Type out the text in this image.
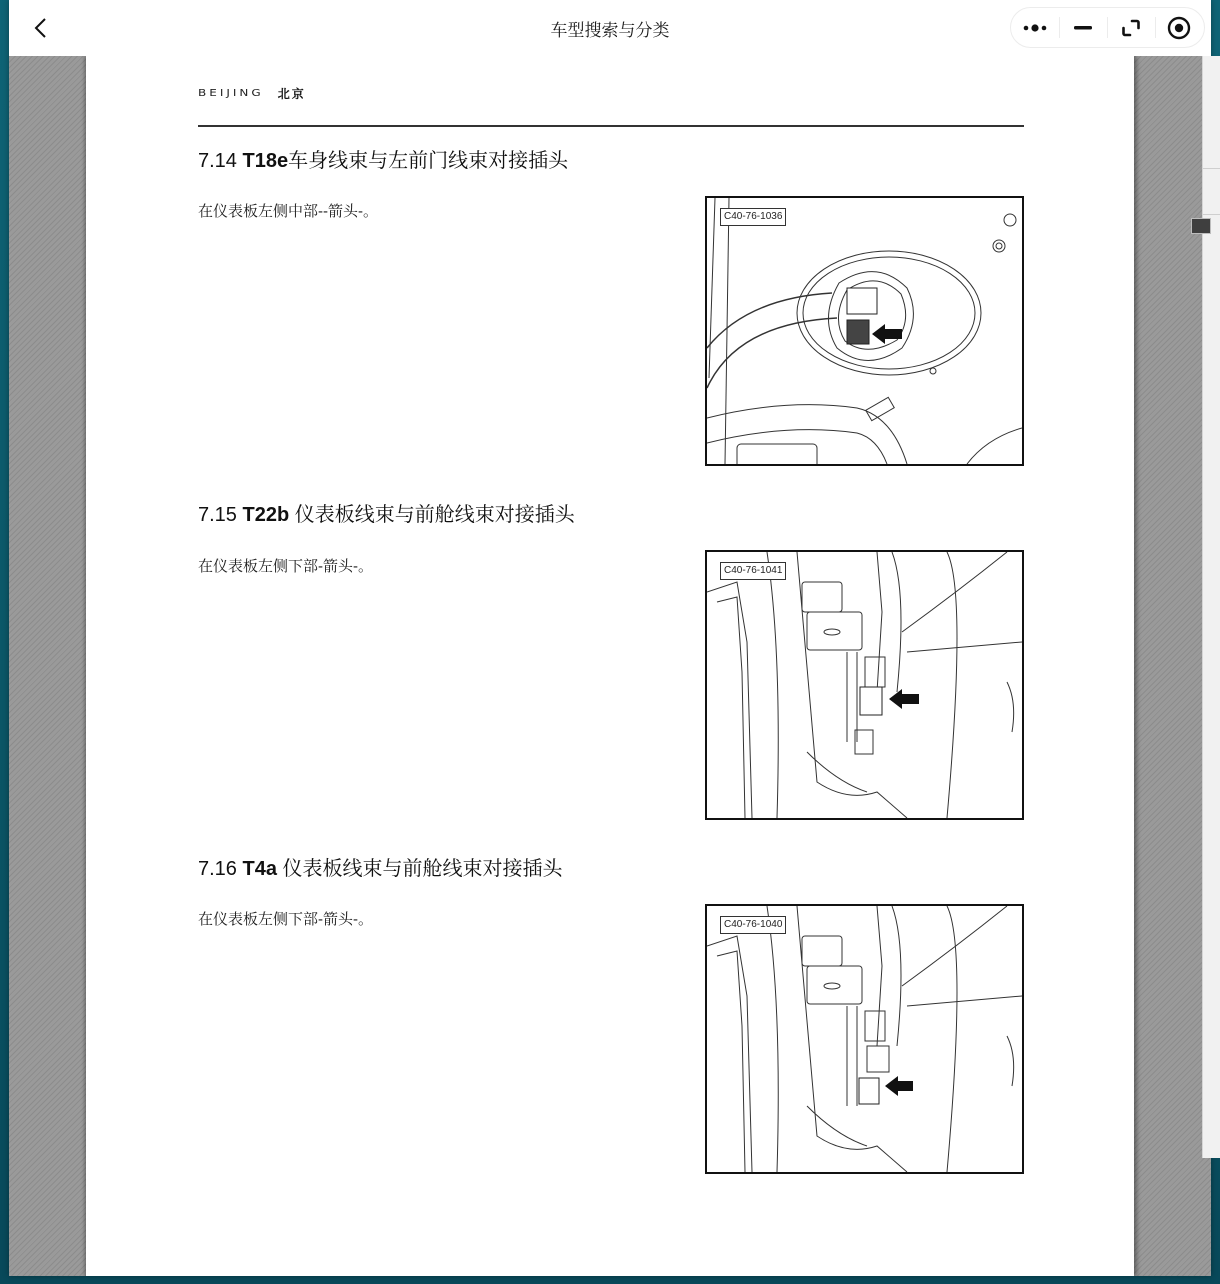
车型搜索与分类
BEIJING 北京
7.14 T18e车身线束与左前门线束对接插头
在仪表板左侧中部--箭头-。	C40-76-1036
7.15 T22b 仪表板线束与前舱线束对接插头
在仪表板左侧下部-箭头-。	C40-76-1041
7.16 T4a 仪表板线束与前舱线束对接插头
在仪表板左侧下部-箭头-。	C40-76-1040
